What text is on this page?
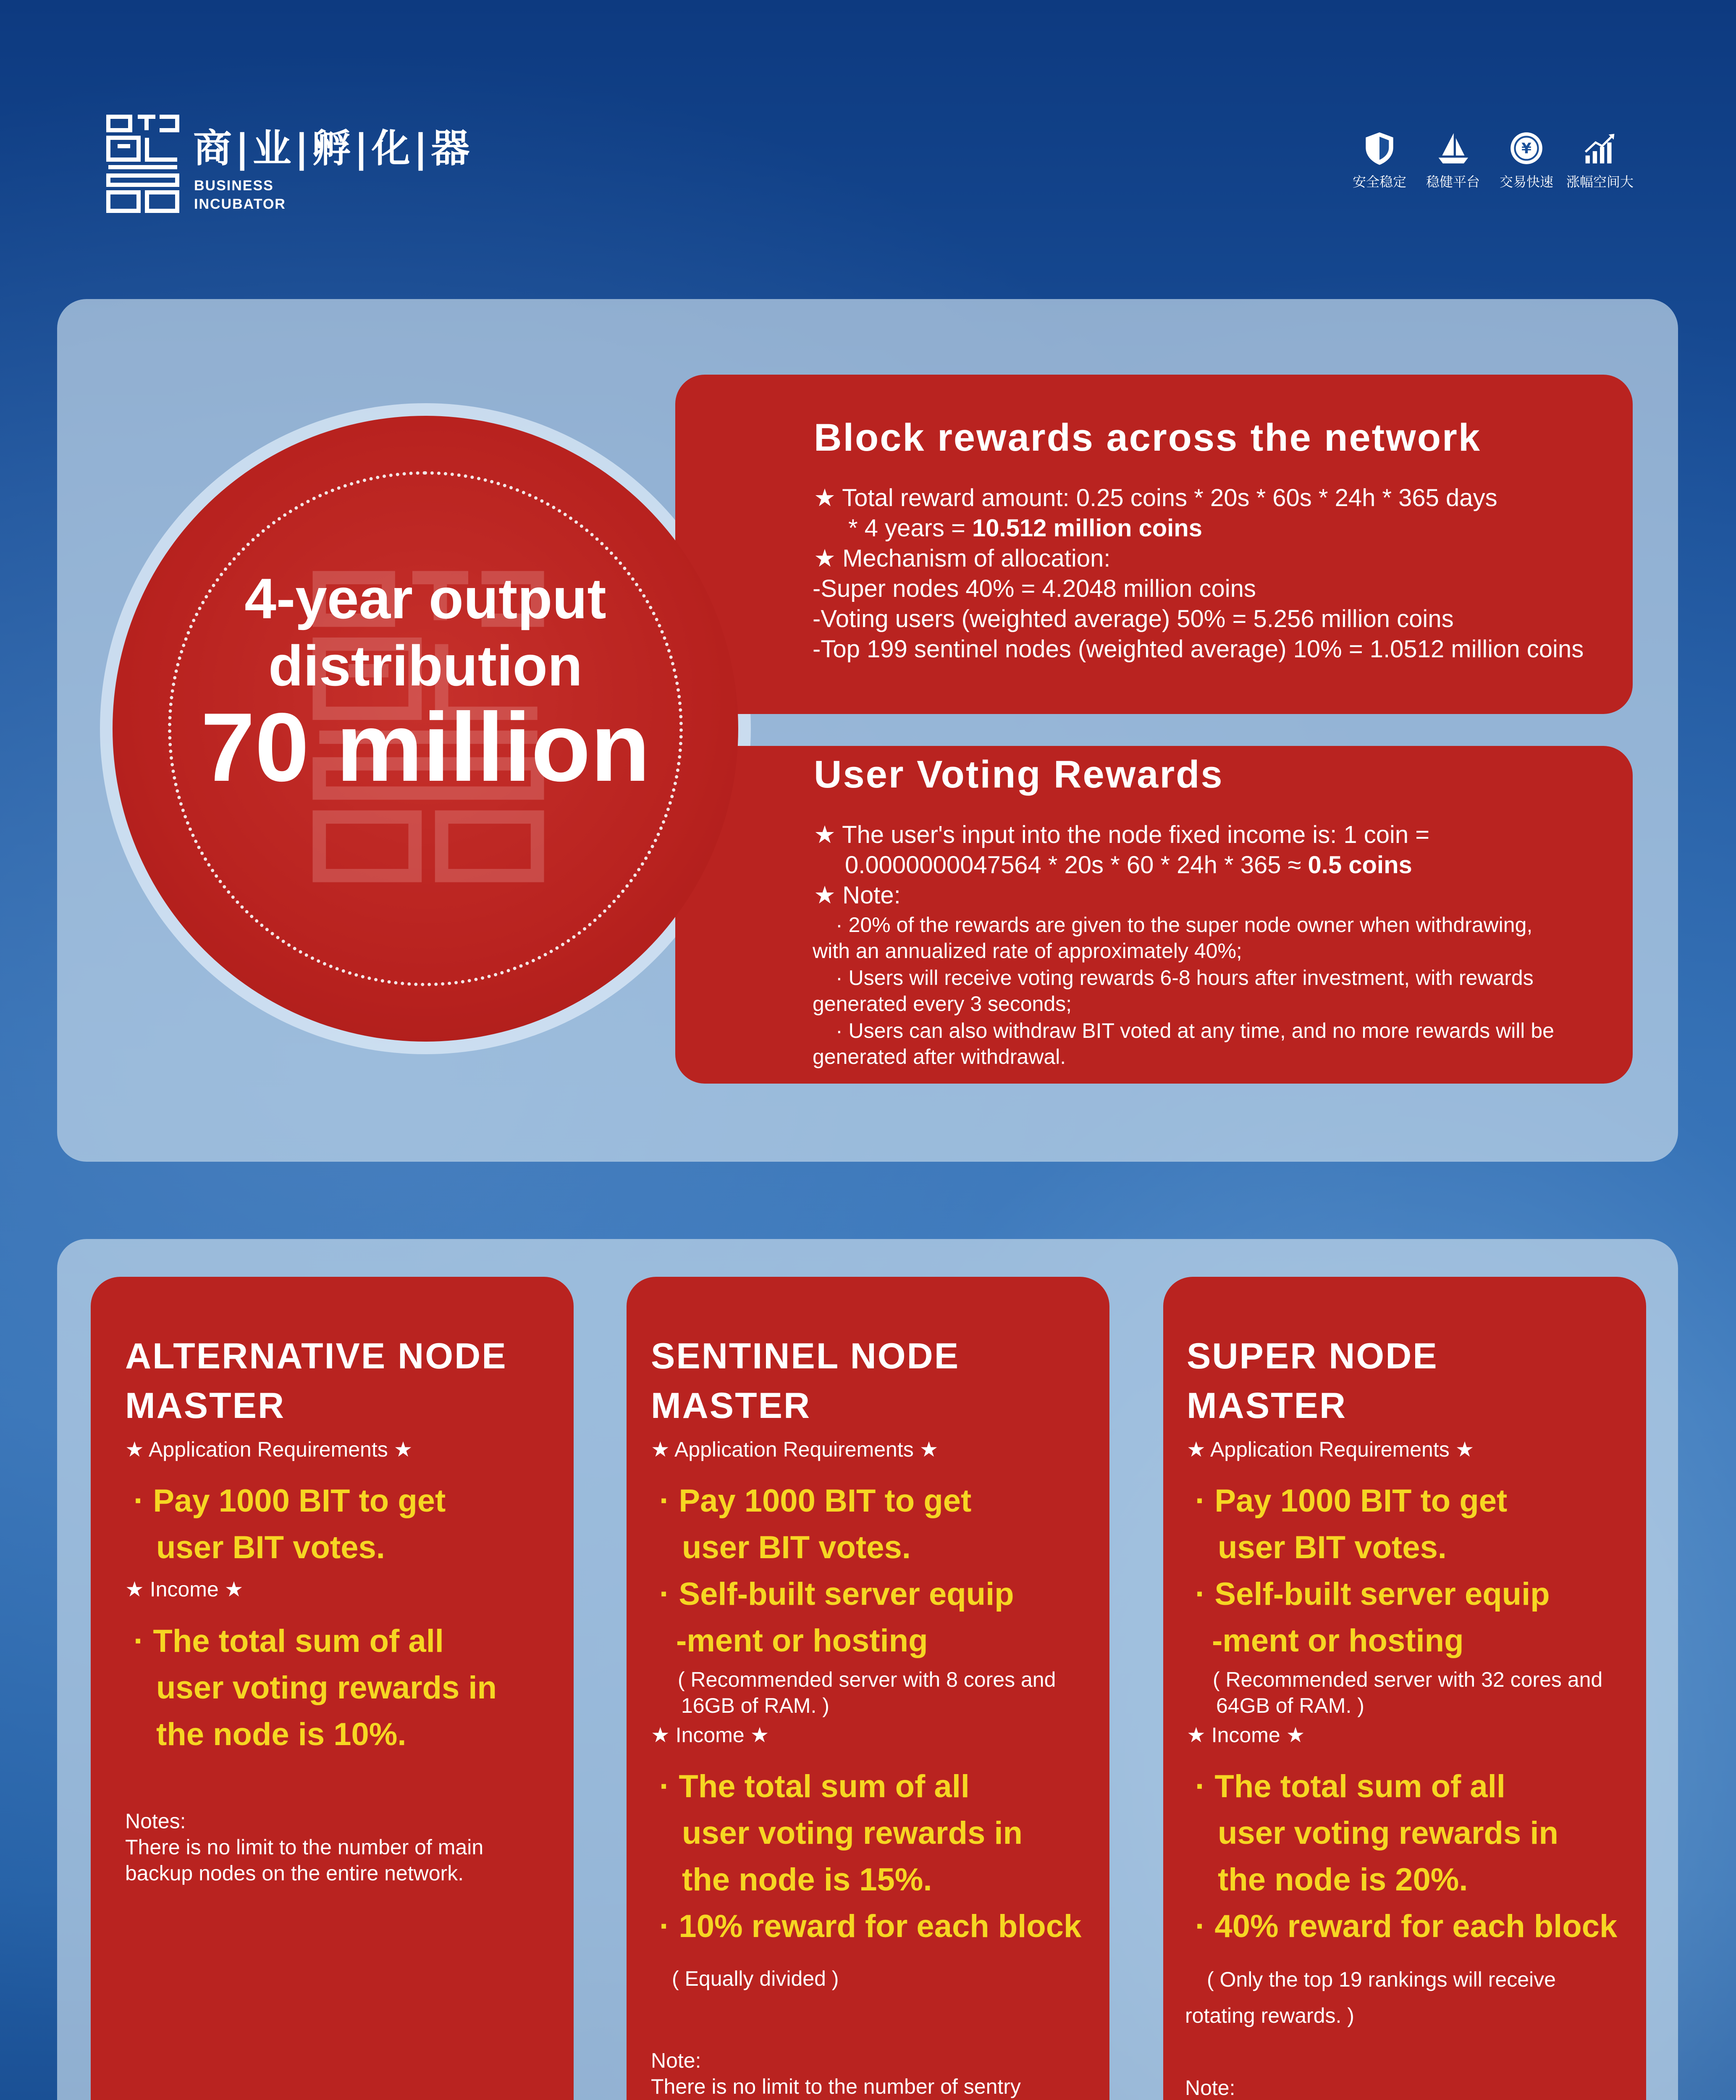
商|业|孵|化|器
BUSINESS
INCUBATOR
安全稳定	稳健平台
¥
交易快速 涨幅空间大
4-year output
distribution
70 million
Block rewards across the network
★ Total reward amount: 0.25 coins * 20s * 60s * 24h * 365 days
* 4 years = 10.512 million coins
★ Mechanism of allocation:
-Super nodes 40% = 4.2048 million coins
-Voting users (weighted average) 50% = 5.256 million coins
-Top 199 sentinel nodes (weighted average) 10% = 1.0512 million coins
User Voting Rewards
★ The user's input into the node fixed income is: 1 coin =
0.0000000047564 * 20s * 60 * 24h * 365 ≈ 0.5 coins
★ Note:
· 20% of the rewards are given to the super node owner when withdrawing,
with an annualized rate of approximately 40%;
· Users will receive voting rewards 6-8 hours after investment, with rewards
generated every 3 seconds;
· Users can also withdraw BIT voted at any time, and no more rewards will be
generated after withdrawal.
ALTERNATIVE NODE
MASTER
★ Application Requirements ★
· Pay 1000 BIT to get
user BIT votes.
★ Income ★
· The total sum of all
user voting rewards in
the node is 10%.
Notes:
There is no limit to the number of main
backup nodes on the entire network.
SENTINEL NODE
MASTER
★ Application Requirements ★
· Pay 1000 BIT to get
user BIT votes.
· Self-built server equip
-ment or hosting
( Recommended server with 8 cores and
16GB of RAM. )
★ Income ★
· The total sum of all
user voting rewards in
the node is 15%.
· 10% reward for each block
( Equally divided )
Note:
There is no limit to the number of sentry
SUPER NODE
MASTER
★ Application Requirements ★
· Pay 1000 BIT to get
user BIT votes.
· Self-built server equip
-ment or hosting
( Recommended server with 32 cores and
64GB of RAM. )
★ Income ★
· The total sum of all
user voting rewards in
the node is 20%.
· 40% reward for each block
( Only the top 19 rankings will receive
rotating rewards. )
Note:
